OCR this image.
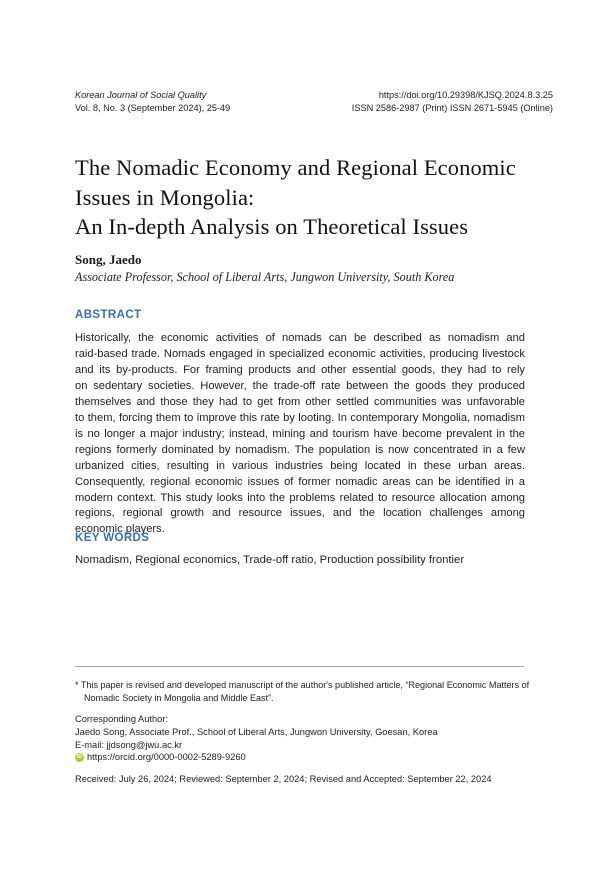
Korean Journal of Social Quality
Vol. 8, No. 3 (September 2024), 25-49
https://doi.org/10.29398/KJSQ.2024.8.3.25
ISSN 2586-2987 (Print) ISSN 2671-5945 (Online)
The Nomadic Economy and Regional Economic
Issues in Mongolia:
An In-depth Analysis on Theoretical Issues
Song, Jaedo
Associate Professor, School of Liberal Arts, Jungwon University, South Korea
ABSTRACT
Historically, the economic activities of nomads can be described as nomadism and
raid-based trade. Nomads engaged in specialized economic activities, producing livestock
and its by-products. For framing products and other essential goods, they had to rely
on sedentary societies. However, the trade-off rate between the goods they produced
themselves and those they had to get from other settled communities was unfavorable
to them, forcing them to improve this rate by looting. In contemporary Mongolia, nomadism
is no longer a major industry; instead, mining and tourism have become prevalent in the
regions formerly dominated by nomadism. The population is now concentrated in a few
urbanized cities, resulting in various industries being located in these urban areas.
Consequently, regional economic issues of former nomadic areas can be identified in a
modern context. This study looks into the problems related to resource allocation among
regions, regional growth and resource issues, and the location challenges among
economic players.
KEY WORDS
Nomadism, Regional economics, Trade-off ratio, Production possibility frontier
* This paper is revised and developed manuscript of the author's published article, “Regional Economic Matters of
Nomadic Society in Mongolia and Middle East”.
Corresponding Author:
Jaedo Song, Associate Prof., School of Liberal Arts, Jungwon University, Goesan, Korea
E-mail: jjdsong@jwu.ac.kr
iD https://orcid.org/0000-0002-5289-9260
Received: July 26, 2024; Reviewed: September 2, 2024; Revised and Accepted: September 22, 2024
